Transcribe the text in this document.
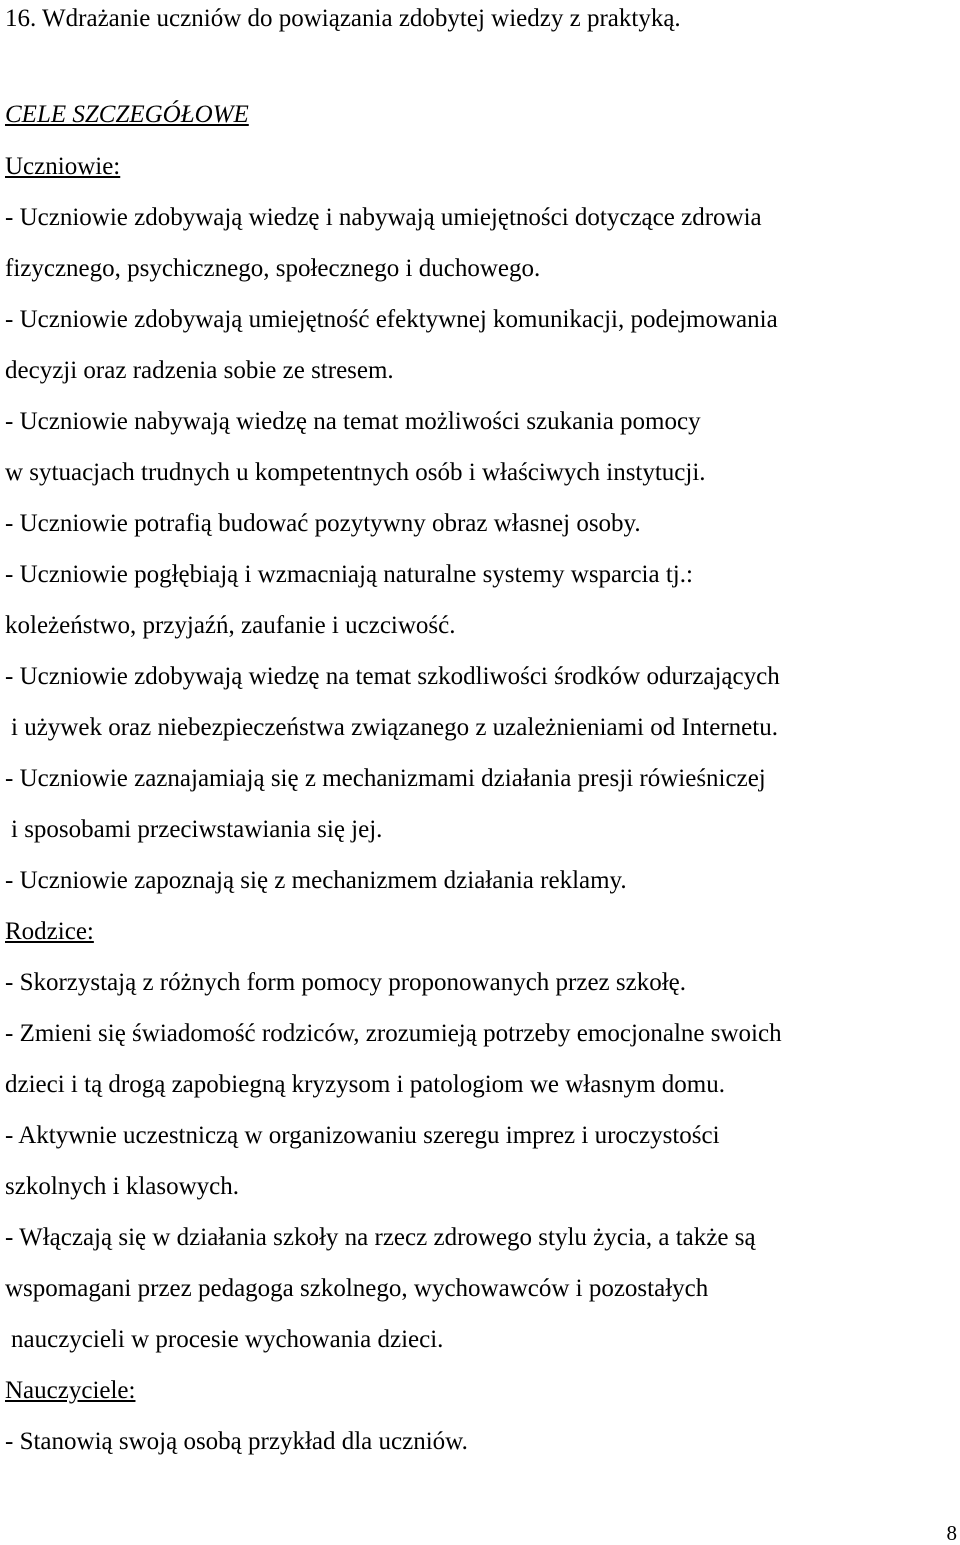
16. Wdrażanie uczniów do powiązania zdobytej wiedzy z praktyką.
CELE SZCZEGÓŁOWE
Uczniowie:
- Uczniowie zdobywają wiedzę i nabywają umiejętności dotyczące zdrowia
fizycznego, psychicznego, społecznego i duchowego.
- Uczniowie zdobywają umiejętność efektywnej komunikacji, podejmowania
decyzji oraz radzenia sobie ze stresem.
- Uczniowie nabywają wiedzę na temat możliwości szukania pomocy
w sytuacjach trudnych u kompetentnych osób i właściwych instytucji.
- Uczniowie potrafią budować pozytywny obraz własnej osoby.
- Uczniowie pogłębiają i wzmacniają naturalne systemy wsparcia tj.:
koleżeństwo, przyjaźń, zaufanie i uczciwość.
- Uczniowie zdobywają wiedzę na temat szkodliwości środków odurzających
i używek oraz niebezpieczeństwa związanego z uzależnieniami od Internetu.
- Uczniowie zaznajamiają się z mechanizmami działania presji rówieśniczej
i sposobami przeciwstawiania się jej.
- Uczniowie zapoznają się z mechanizmem działania reklamy.
Rodzice:
- Skorzystają z różnych form pomocy proponowanych przez szkołę.
- Zmieni się świadomość rodziców, zrozumieją potrzeby emocjonalne swoich
dzieci i tą drogą zapobiegną kryzysom i patologiom we własnym domu.
- Aktywnie uczestniczą w organizowaniu szeregu imprez i uroczystości
szkolnych i klasowych.
- Włączają się w działania szkoły na rzecz zdrowego stylu życia, a także są
wspomagani przez pedagoga szkolnego, wychowawców i pozostałych
nauczycieli w procesie wychowania dzieci.
Nauczyciele:
- Stanowią swoją osobą przykład dla uczniów.
8
